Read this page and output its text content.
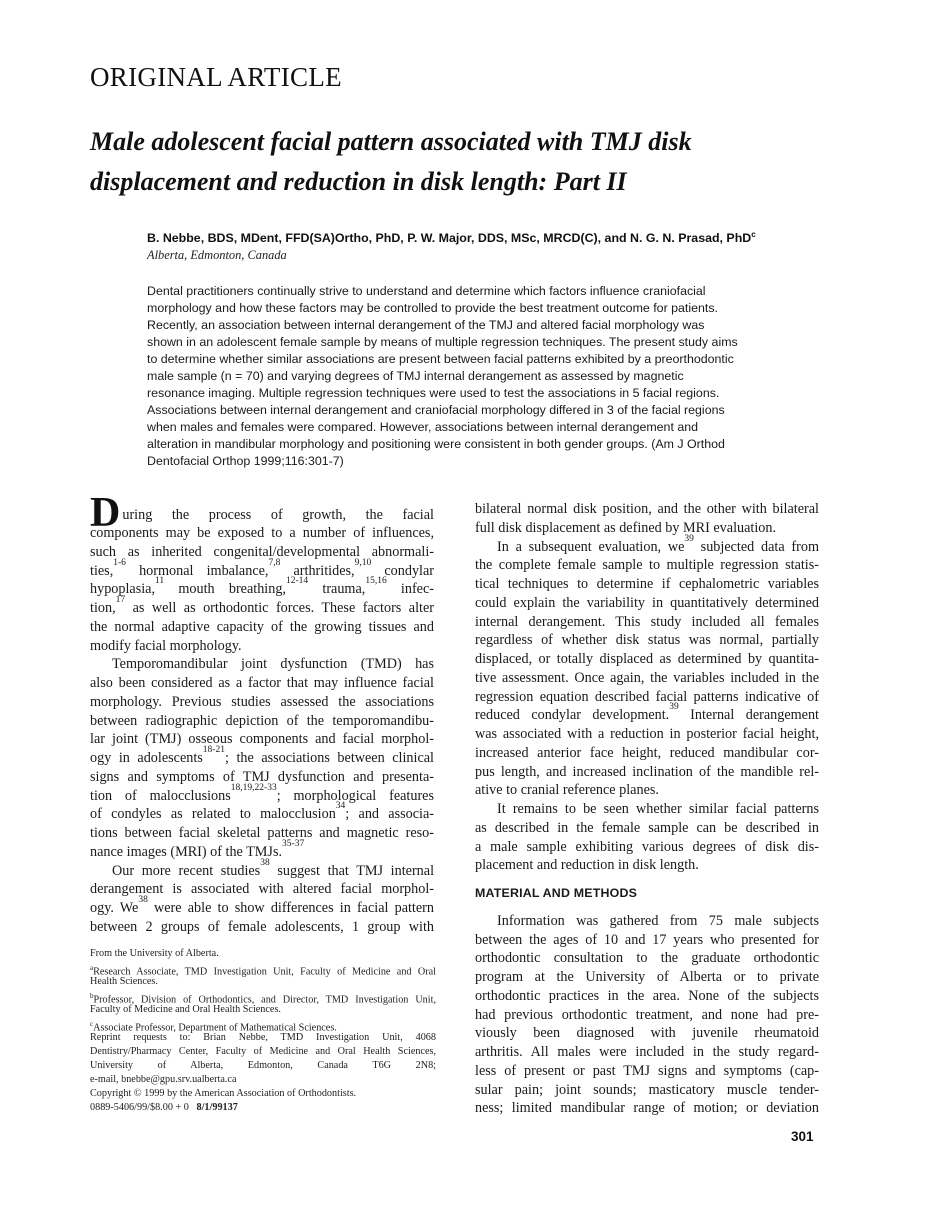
ORIGINAL ARTICLE
Male adolescent facial pattern associated with TMJ disk
displacement and reduction in disk length: Part II
B. Nebbe, BDS, MDent, FFD(SA)Ortho, PhD, P. W. Major, DDS, MSc, MRCD(C), and N. G. N. Prasad, PhD$^c$
Alberta, Edmonton, Canada
Dental practitioners continually strive to understand and determine which factors influence craniofacial
morphology and how these factors may be controlled to provide the best treatment outcome for patients.
Recently, an association between internal derangement of the TMJ and altered facial morphology was
shown in an adolescent female sample by means of multiple regression techniques. The present study aims
to determine whether similar associations are present between facial patterns exhibited by a preorthodontic
male sample (n = 70) and varying degrees of TMJ internal derangement as assessed by magnetic
resonance imaging. Multiple regression techniques were used to test the associations in 5 facial regions.
Associations between internal derangement and craniofacial morphology differed in 3 of the facial regions
when males and females were compared. However, associations between internal derangement and
alteration in mandibular morphology and positioning were consistent in both gender groups. (Am J Orthod
Dentofacial Orthop 1999;116:301-7)
D uring the process of growth, the facial
components may be exposed to a number of influences,
such as inherited congenital/developmental abnormali-
ties,$^{1-6}$ hormonal imbalance,$^{7,8}$ arthritides,$^{9,10}$ condylar
hypoplasia,$^{11}$ mouth breathing,$^{12-14}$ trauma,$^{15,16}$ infec-
tion,$^{17}$ as well as orthodontic forces. These factors alter
the normal adaptive capacity of the growing tissues and
modify facial morphology.
Temporomandibular joint dysfunction (TMD) has
also been considered as a factor that may influence facial
morphology. Previous studies assessed the associations
between radiographic depiction of the temporomandibu-
lar joint (TMJ) osseous components and facial morphol-
ogy in adolescents$^{18-21}$; the associations between clinical
signs and symptoms of TMJ dysfunction and presenta-
tion of malocclusions$^{18,19,22-33}$; morphological features
of condyles as related to malocclusion$^{34}$; and associa-
tions between facial skeletal patterns and magnetic reso-
nance images (MRI) of the TMJs.$^{35-37}$
Our more recent studies$^{38}$ suggest that TMJ internal
derangement is associated with altered facial morphol-
ogy. We$^{38}$ were able to show differences in facial pattern
between 2 groups of female adolescents, 1 group with
bilateral normal disk position, and the other with bilateral
full disk displacement as defined by MRI evaluation.
In a subsequent evaluation, we$^{39}$ subjected data from
the complete female sample to multiple regression statis-
tical techniques to determine if cephalometric variables
could explain the variability in quantitatively determined
internal derangement. This study included all females
regardless of whether disk status was normal, partially
displaced, or totally displaced as determined by quantita-
tive assessment. Once again, the variables included in the
regression equation described facial patterns indicative of
reduced condylar development.$^{39}$ Internal derangement
was associated with a reduction in posterior facial height,
increased anterior face height, reduced mandibular cor-
pus length, and increased inclination of the mandible rel-
ative to cranial reference planes.
It remains to be seen whether similar facial patterns
as described in the female sample can be described in
a male sample exhibiting various degrees of disk dis-
placement and reduction in disk length.
MATERIAL AND METHODS
Information was gathered from 75 male subjects
between the ages of 10 and 17 years who presented for
orthodontic consultation to the graduate orthodontic
program at the University of Alberta or to private
orthodontic practices in the area. None of the subjects
had previous orthodontic treatment, and none had pre-
viously been diagnosed with juvenile rheumatoid
arthritis. All males were included in the study regard-
less of present or past TMJ signs and symptoms (cap-
sular pain; joint sounds; masticatory muscle tender-
ness; limited mandibular range of motion; or deviation
From the University of Alberta.
$^a$Research Associate, TMD Investigation Unit, Faculty of Medicine and Oral
Health Sciences.
$^b$Professor, Division of Orthodontics, and Director, TMD Investigation Unit,
Faculty of Medicine and Oral Health Sciences.
$^c$Associate Professor, Department of Mathematical Sciences.
Reprint requests to: Brian Nebbe, TMD Investigation Unit, 4068
Dentistry/Pharmacy Center, Faculty of Medicine and Oral Health Sciences,
University of Alberta, Edmonton, Canada T6G 2N8;
e-mail, bnebbe@gpu.srv.ualberta.ca
Copyright © 1999 by the American Association of Orthodontists.
0889-5406/99/$8.00 + 0   8/1/99137
301
